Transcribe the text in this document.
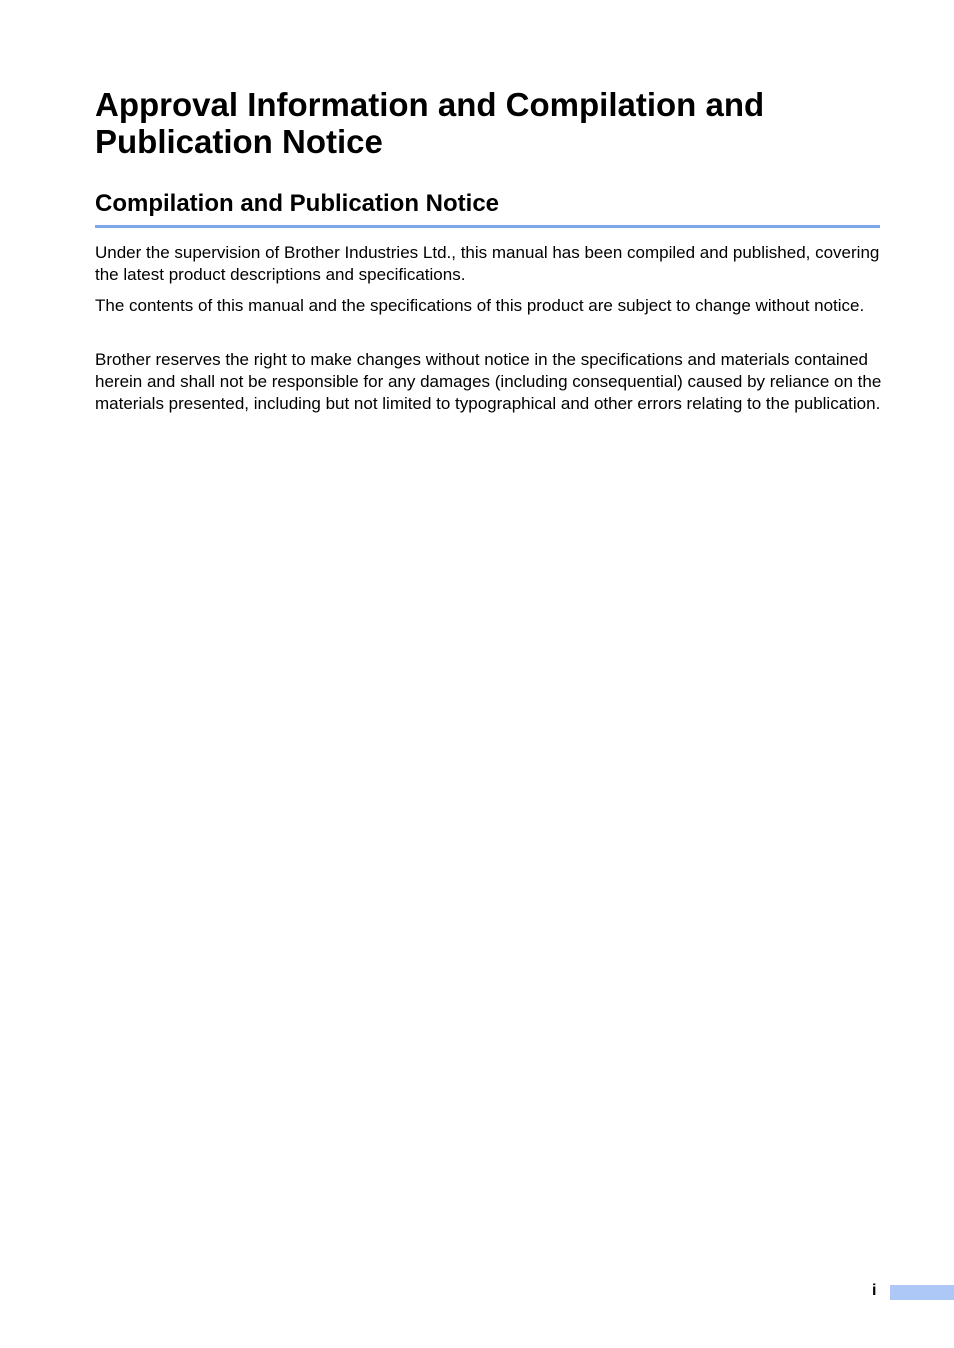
Approval Information and Compilation and Publication Notice
Compilation and Publication Notice

Under the supervision of Brother Industries Ltd., this manual has been compiled and published, covering the latest product descriptions and specifications.

The contents of this manual and the specifications of this product are subject to change without notice.

Brother reserves the right to make changes without notice in the specifications and materials contained herein and shall not be responsible for any damages (including consequential) caused by reliance on the materials presented, including but not limited to typographical and other errors relating to the publication.

i
